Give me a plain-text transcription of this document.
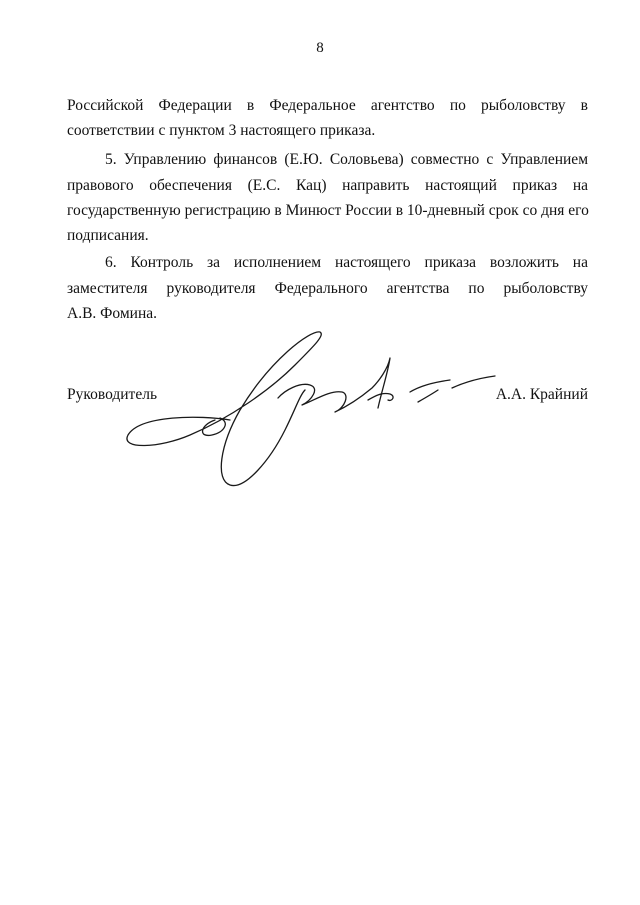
8
Российской Федерации в Федеральное агентство по рыболовству в
соответствии с пунктом 3 настоящего приказа.
5. Управлению финансов (Е.Ю. Соловьева) совместно с Управлением
правового обеспечения (Е.С. Кац) направить настоящий приказ на
государственную регистрацию в Минюст России в 10-дневный срок со дня его
подписания.
6. Контроль за исполнением настоящего приказа возложить на
заместителя руководителя Федерального агентства по рыболовству
А.В. Фомина.
Руководитель	А.А. Крайний
